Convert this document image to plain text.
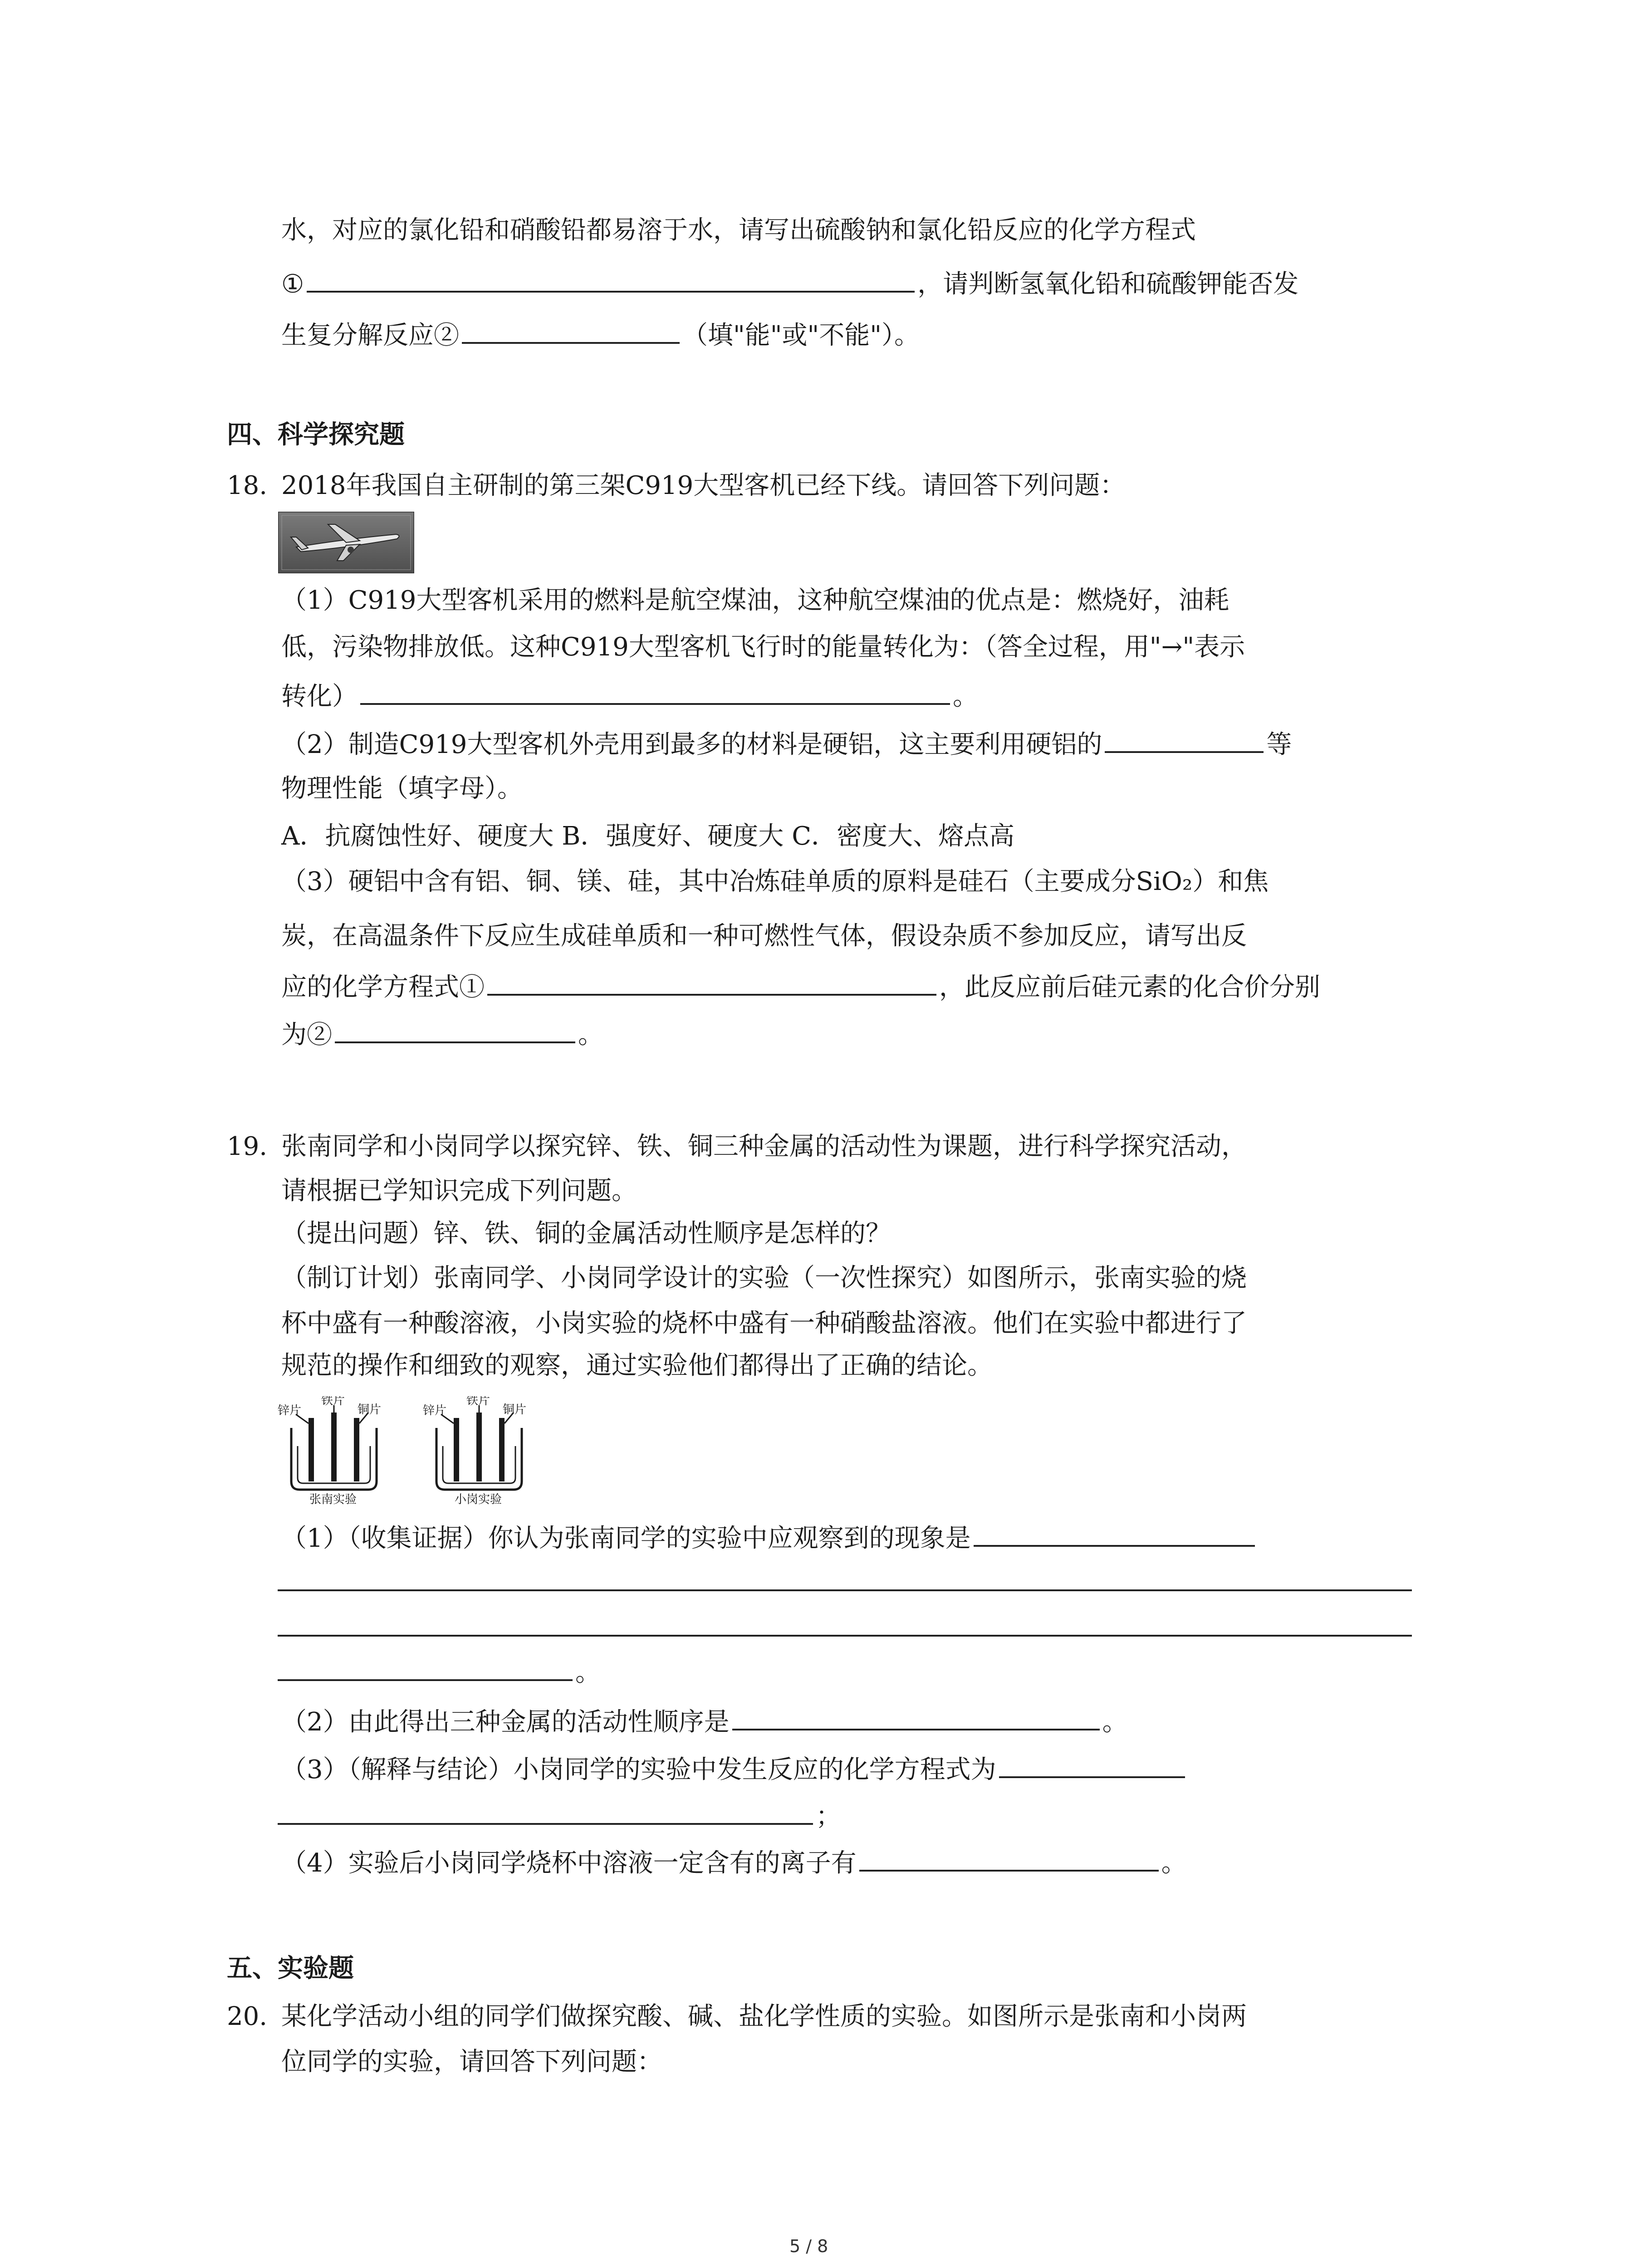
水，对应的氯化铅和硝酸铅都易溶于水，请写出硫酸钠和氯化铅反应的化学方程式
①	，请判断氢氧化铅和硫酸钾能否发
生复分解反应②	（填"能"或"不能"）。
四、科学探究题
18. 2018年我国自主研制的第三架C919大型客机已经下线。请回答下列问题：
（1）C919大型客机采用的燃料是航空煤油，这种航空煤油的优点是：燃烧好，油耗
低，污染物排放低。这种C919大型客机飞行时的能量转化为：（答全过程，用"→"表示
转化）	。
（2）制造C919大型客机外壳用到最多的材料是硬铝，这主要利用硬铝的	等
物理性能（填字母）。
A．抗腐蚀性好、硬度大 B．强度好、硬度大 C．密度大、熔点高
（3）硬铝中含有铝、铜、镁、硅，其中冶炼硅单质的原料是硅石（主要成分SiO₂）和焦
炭，在高温条件下反应生成硅单质和一种可燃性气体，假设杂质不参加反应，请写出反
应的化学方程式①	，此反应前后硅元素的化合价分别
为②	。
19. 张南同学和小岗同学以探究锌、铁、铜三种金属的活动性为课题，进行科学探究活动，
请根据已学知识完成下列问题。
（提出问题）锌、铁、铜的金属活动性顺序是怎样的？
（制订计划）张南同学、小岗同学设计的实验（一次性探究）如图所示，张南实验的烧
杯中盛有一种酸溶液，小岗实验的烧杯中盛有一种硝酸盐溶液。他们在实验中都进行了
规范的操作和细致的观察，通过实验他们都得出了正确的结论。
锌片
铁片
铜片	锌片
铁片
铜片
张南实验	小岗实验
（1）（收集证据）你认为张南同学的实验中应观察到的现象是
。
（2）由此得出三种金属的活动性顺序是	。
（3）（解释与结论）小岗同学的实验中发生反应的化学方程式为
；
（4）实验后小岗同学烧杯中溶液一定含有的离子有	。
五、实验题
20. 某化学活动小组的同学们做探究酸、碱、盐化学性质的实验。如图所示是张南和小岗两
位同学的实验，请回答下列问题：
5 / 8
